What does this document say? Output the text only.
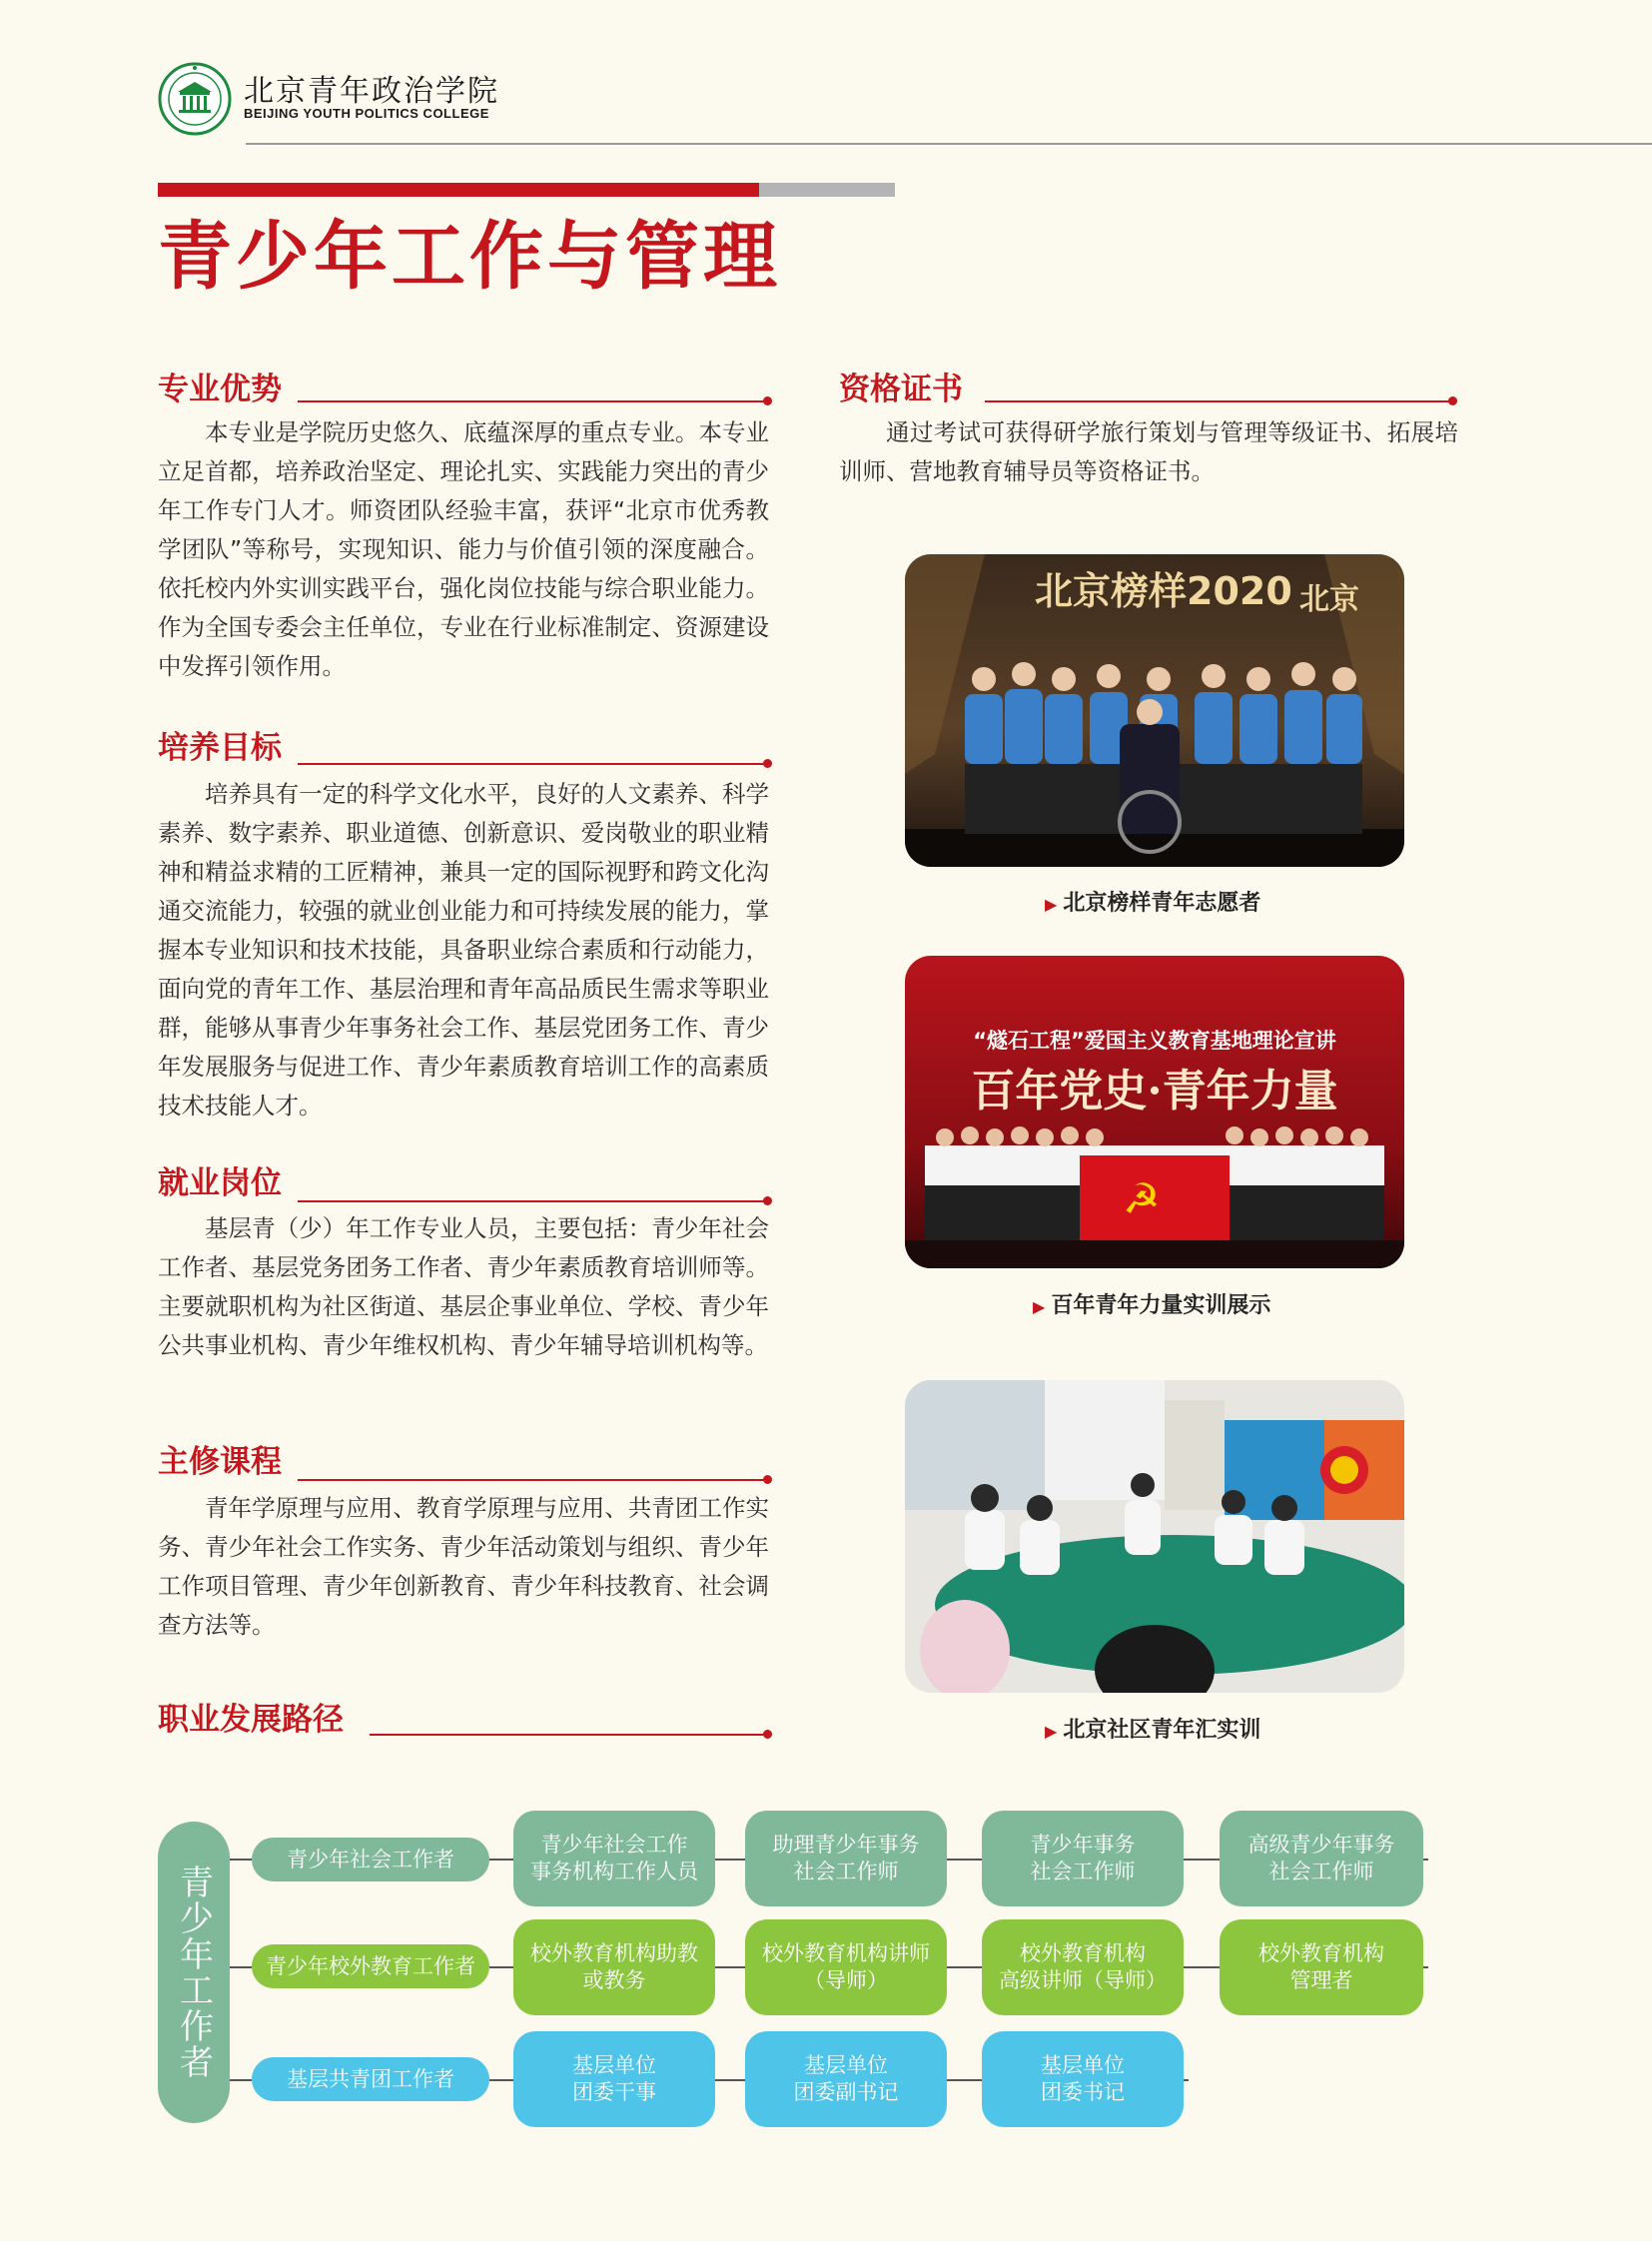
北京青年政治学院
BEIJING YOUTH POLITICS COLLEGE
青少年工作与管理
专业优势

本专业是学院历史悠久、底蕴深厚的重点专业。本专业立足首都，培养政治坚定、理论扎实、实践能力突出的青少年工作专门人才。师资团队经验丰富，获评“北京市优秀教学团队”等称号，实现知识、能力与价值引领的深度融合。依托校内外实训实践平台，强化岗位技能与综合职业能力。作为全国专委会主任单位，专业在行业标准制定、资源建设中发挥引领作用。

培养目标

培养具有一定的科学文化水平，良好的人文素养、科学素养、数字素养、职业道德、创新意识、爱岗敬业的职业精神和精益求精的工匠精神，兼具一定的国际视野和跨文化沟通交流能力，较强的就业创业能力和可持续发展的能力，掌握本专业知识和技术技能，具备职业综合素质和行动能力，面向党的青年工作、基层治理和青年高品质民生需求等职业群，能够从事青少年事务社会工作、基层党团务工作、青少年发展服务与促进工作、青少年素质教育培训工作的高素质技术技能人才。

就业岗位

基层青（少）年工作专业人员，主要包括：青少年社会工作者、基层党务团务工作者、青少年素质教育培训师等。主要就职机构为社区街道、基层企事业单位、学校、青少年公共事业机构、青少年维权机构、青少年辅导培训机构等。

主修课程

青年学原理与应用、教育学原理与应用、共青团工作实务、青少年社会工作实务、青少年活动策划与组织、青少年工作项目管理、青少年创新教育、青少年科技教育、社会调查方法等。

职业发展路径
资格证书

通过考试可获得研学旅行策划与管理等级证书、拓展培训师、营地教育辅导员等资格证书。

北京榜样2020 北京
▶ 北京榜样青年志愿者
“燧石工程”爱国主义教育基地理论宣讲
百年党史·青年力量
☭
▶ 百年青年力量实训展示
▶ 北京社区青年汇实训
青少年工作者
青少年社会工作者
青少年社会工作
事务机构工作人员
助理青少年事务
社会工作师
青少年事务
社会工作师
高级青少年事务
社会工作师
青少年校外教育工作者
校外教育机构助教
或教务
校外教育机构讲师
（导师）
校外教育机构
高级讲师（导师）
校外教育机构
管理者
基层共青团工作者
基层单位
团委干事
基层单位
团委副书记
基层单位
团委书记
